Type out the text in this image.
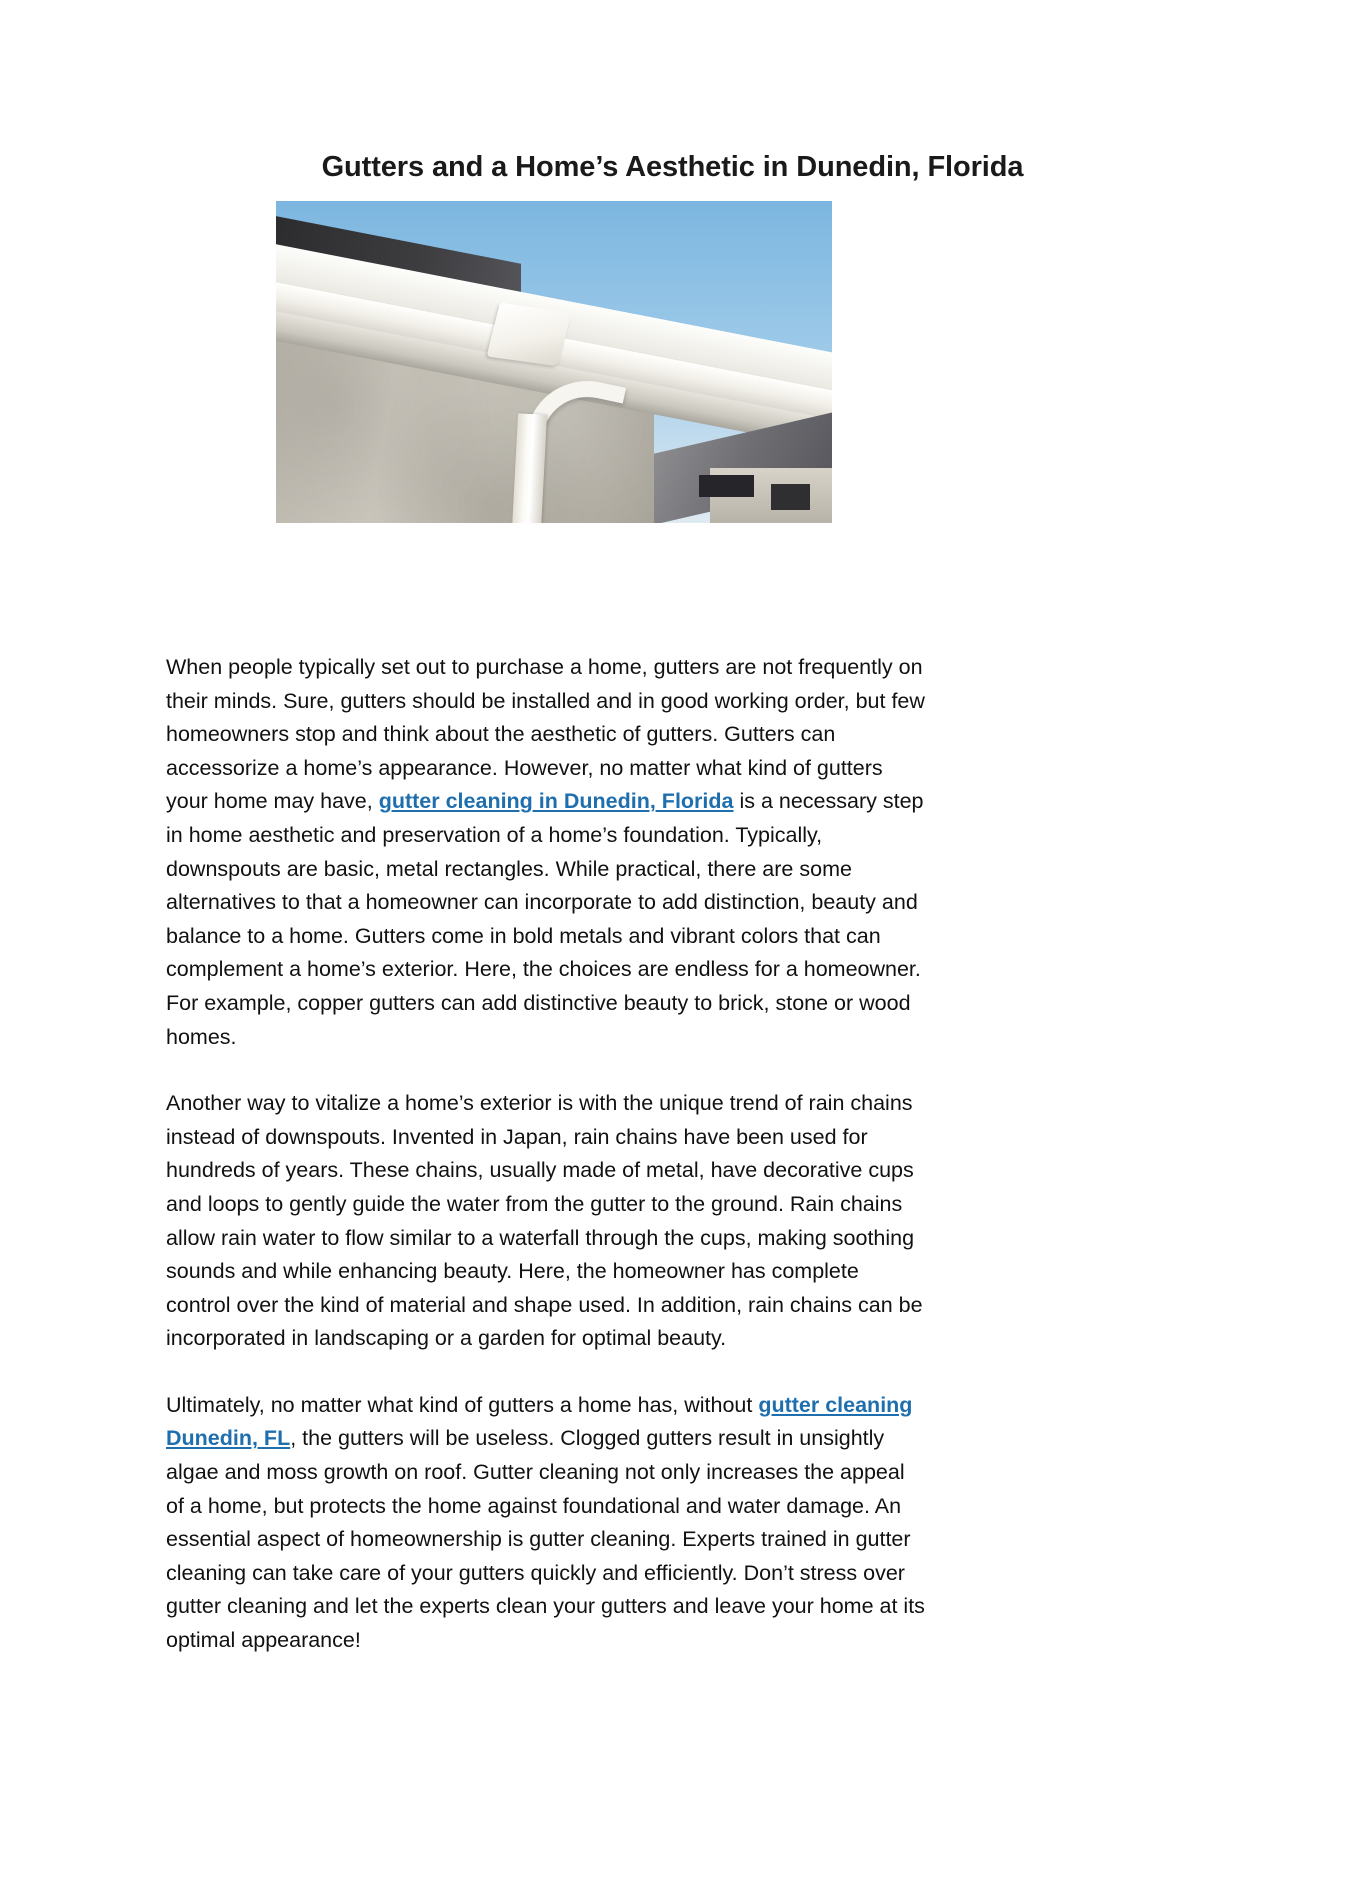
Gutters and a Home’s Aesthetic in Dunedin, Florida

When people typically set out to purchase a home, gutters are not frequently on their minds. Sure, gutters should be installed and in good working order, but few homeowners stop and think about the aesthetic of gutters. Gutters can accessorize a home’s appearance. However, no matter what kind of gutters your home may have, gutter cleaning in Dunedin, Florida is a necessary step in home aesthetic and preservation of a home’s foundation. Typically, downspouts are basic, metal rectangles. While practical, there are some alternatives to that a homeowner can incorporate to add distinction, beauty and balance to a home. Gutters come in bold metals and vibrant colors that can complement a home’s exterior. Here, the choices are endless for a homeowner. For example, copper gutters can add distinctive beauty to brick, stone or wood homes.

Another way to vitalize a home’s exterior is with the unique trend of rain chains instead of downspouts. Invented in Japan, rain chains have been used for hundreds of years. These chains, usually made of metal, have decorative cups and loops to gently guide the water from the gutter to the ground. Rain chains allow rain water to flow similar to a waterfall through the cups, making soothing sounds and while enhancing beauty. Here, the homeowner has complete control over the kind of material and shape used. In addition, rain chains can be incorporated in landscaping or a garden for optimal beauty.

Ultimately, no matter what kind of gutters a home has, without gutter cleaning Dunedin, FL, the gutters will be useless. Clogged gutters result in unsightly algae and moss growth on roof. Gutter cleaning not only increases the appeal of a home, but protects the home against foundational and water damage. An essential aspect of homeownership is gutter cleaning. Experts trained in gutter cleaning can take care of your gutters quickly and efficiently. Don’t stress over gutter cleaning and let the experts clean your gutters and leave your home at its optimal appearance!
